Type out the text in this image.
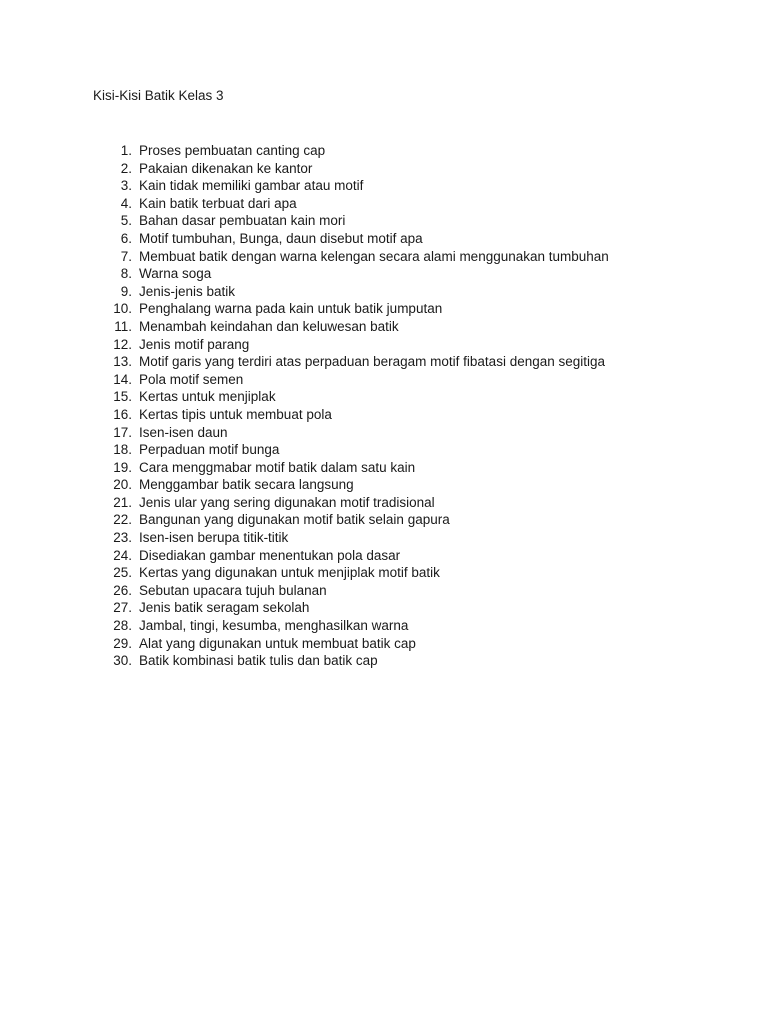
Kisi-Kisi Batik Kelas 3
1. Proses pembuatan canting cap
2. Pakaian dikenakan ke kantor
3. Kain tidak memiliki gambar atau motif
4. Kain batik terbuat dari apa
5. Bahan dasar pembuatan kain mori
6. Motif tumbuhan, Bunga, daun disebut motif apa
7. Membuat batik dengan warna kelengan secara alami menggunakan tumbuhan
8. Warna soga
9. Jenis-jenis batik
10. Penghalang warna pada kain untuk batik jumputan
11. Menambah keindahan dan keluwesan batik
12. Jenis motif parang
13. Motif garis yang terdiri atas perpaduan beragam motif fibatasi dengan segitiga
14. Pola motif semen
15. Kertas untuk menjiplak
16. Kertas tipis untuk membuat pola
17. Isen-isen daun
18. Perpaduan motif bunga
19. Cara menggmabar motif batik dalam satu kain
20. Menggambar batik secara langsung
21. Jenis ular yang sering digunakan motif tradisional
22. Bangunan yang digunakan motif batik selain gapura
23. Isen-isen berupa titik-titik
24. Disediakan gambar menentukan pola dasar
25. Kertas yang digunakan untuk menjiplak motif batik
26. Sebutan upacara tujuh bulanan
27. Jenis batik seragam sekolah
28. Jambal, tingi, kesumba, menghasilkan warna
29. Alat yang digunakan untuk membuat batik cap
30. Batik kombinasi batik tulis dan batik cap
